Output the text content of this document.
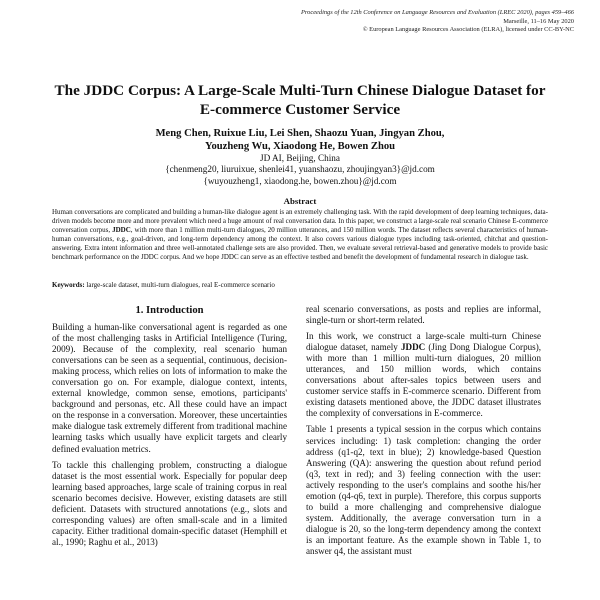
Proceedings of the 12th Conference on Language Resources and Evaluation (LREC 2020), pages 459–466
Marseille, 11–16 May 2020
© European Language Resources Association (ELRA), licensed under CC-BY-NC
The JDDC Corpus: A Large-Scale Multi-Turn Chinese Dialogue Dataset for
E-commerce Customer Service
Meng Chen, Ruixue Liu, Lei Shen, Shaozu Yuan, Jingyan Zhou,
Youzheng Wu, Xiaodong He, Bowen Zhou
JD AI, Beijing, China
{chenmeng20, liuruixue, shenlei41, yuanshaozu, zhoujingyan3}@jd.com
{wuyouzheng1, xiaodong.he, bowen.zhou}@jd.com
Abstract
Human conversations are complicated and building a human-like dialogue agent is an extremely challenging task. With the rapid development of deep learning techniques, data-driven models become more and more prevalent which need a huge amount of real conversation data. In this paper, we construct a large-scale real scenario Chinese E-commerce conversation corpus, JDDC, with more than 1 million multi-turn dialogues, 20 million utterances, and 150 million words. The dataset reflects several characteristics of human-human conversations, e.g., goal-driven, and long-term dependency among the context. It also covers various dialogue types including task-oriented, chitchat and question-answering. Extra intent information and three well-annotated challenge sets are also provided. Then, we evaluate several retrieval-based and generative models to provide basic benchmark performance on the JDDC corpus. And we hope JDDC can serve as an effective testbed and benefit the development of fundamental research in dialogue task.
Keywords: large-scale dataset, multi-turn dialogues, real E-commerce scenario
1. Introduction

Building a human-like conversational agent is regarded as one of the most challenging tasks in Artificial Intelligence (Turing, 2009). Because of the complexity, real scenario human conversations can be seen as a sequential, continuous, decision-making process, which relies on lots of information to make the conversation go on. For example, dialogue context, intents, external knowledge, common sense, emotions, participants' background and personas, etc. All these could have an impact on the response in a conversation. Moreover, these uncertainties make dialogue task extremely different from traditional machine learning tasks which usually have explicit targets and clearly defined evaluation metrics.

To tackle this challenging problem, constructing a dialogue dataset is the most essential work. Especially for popular deep learning based approaches, large scale of training corpus in real scenario becomes decisive. However, existing datasets are still deficient. Datasets with structured annotations (e.g., slots and corresponding values) are often small-scale and in a limited capacity. Either traditional domain-specific dataset (Hemphill et al., 1990; Raghu et al., 2013)

real scenario conversations, as posts and replies are informal, single-turn or short-term related.

In this work, we construct a large-scale multi-turn Chinese dialogue dataset, namely JDDC (Jing Dong Dialogue Corpus), with more than 1 million multi-turn dialogues, 20 million utterances, and 150 million words, which contains conversations about after-sales topics between users and customer service staffs in E-commerce scenario. Different from existing datasets mentioned above, the JDDC dataset illustrates the complexity of conversations in E-commerce.

Table 1 presents a typical session in the corpus which contains services including: 1) task completion: changing the order address (q1-q2, text in blue); 2) knowledge-based Question Answering (QA): answering the question about refund period (q3, text in red); and 3) feeling connection with the user: actively responding to the user's complains and soothe his/her emotion (q4-q6, text in purple). Therefore, this corpus supports to build a more challenging and comprehensive dialogue system. Additionally, the average conversation turn in a dialogue is 20, so the long-term dependency among the context is an important feature. As the example shown in Table 1, to answer q4, the assistant must
